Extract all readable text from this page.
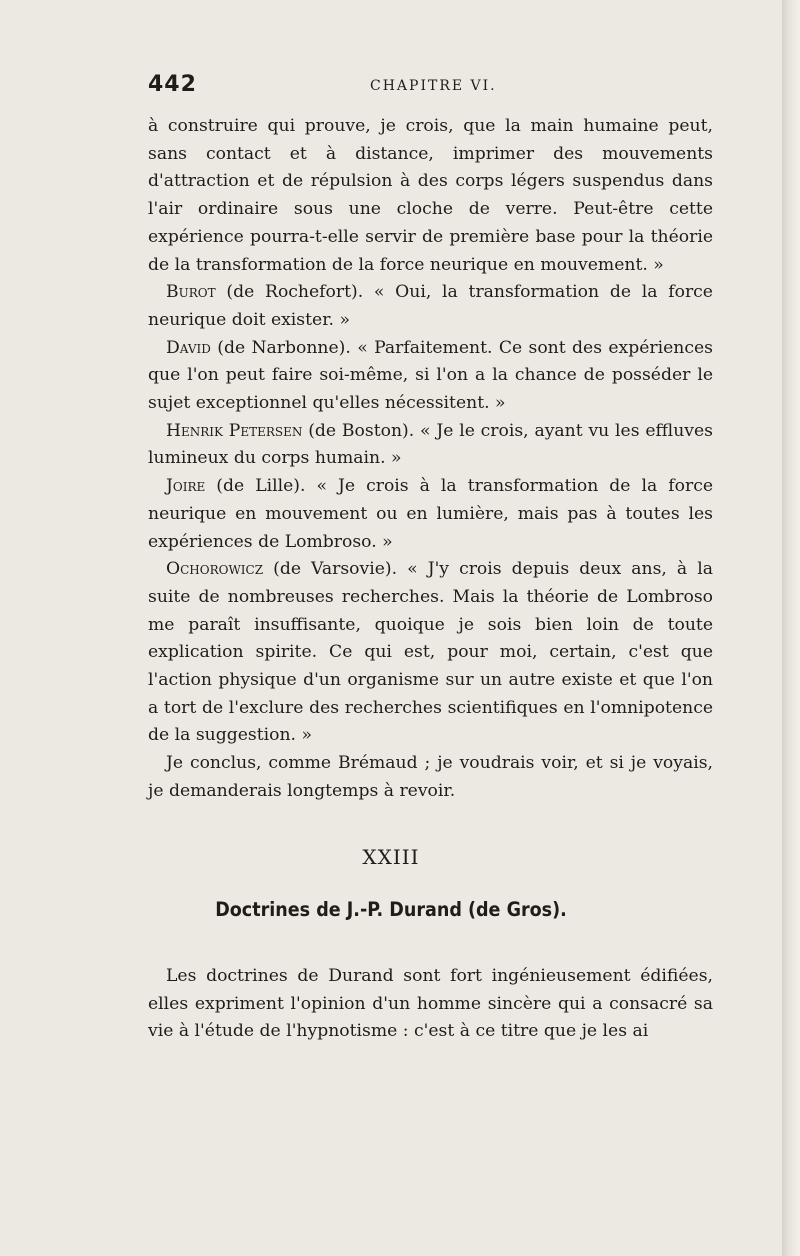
442	CHAPITRE VI.

à construire qui prouve, je crois, que la main humaine peut, sans contact et à distance, imprimer des mouvements d'attraction et de répulsion à des corps légers suspendus dans l'air ordinaire sous une cloche de verre. Peut-être cette expérience pourra-t-elle servir de première base pour la théorie de la transformation de la force neurique en mouvement. »

Burot (de Rochefort). « Oui, la transformation de la force neurique doit exister. »

David (de Narbonne). « Parfaitement. Ce sont des expériences que l'on peut faire soi-même, si l'on a la chance de posséder le sujet exceptionnel qu'elles nécessitent. »

Henrik Petersen (de Boston). « Je le crois, ayant vu les effluves lumineux du corps humain. »

Joire (de Lille). « Je crois à la transformation de la force neurique en mouvement ou en lumière, mais pas à toutes les expériences de Lombroso. »

Ochorowicz (de Varsovie). « J'y crois depuis deux ans, à la suite de nombreuses recherches. Mais la théorie de Lombroso me paraît insuffisante, quoique je sois bien loin de toute explication spirite. Ce qui est, pour moi, certain, c'est que l'action physique d'un organisme sur un autre existe et que l'on a tort de l'exclure des recherches scientifiques en l'omnipotence de la suggestion. »

Je conclus, comme Brémaud ; je voudrais voir, et si je voyais, je demanderais longtemps à revoir.

XXIII
Doctrines de J.-P. Durand (de Gros).

Les doctrines de Durand sont fort ingénieusement édifiées, elles expriment l'opinion d'un homme sincère qui a consacré sa vie à l'étude de l'hypnotisme : c'est à ce titre que je les ai
